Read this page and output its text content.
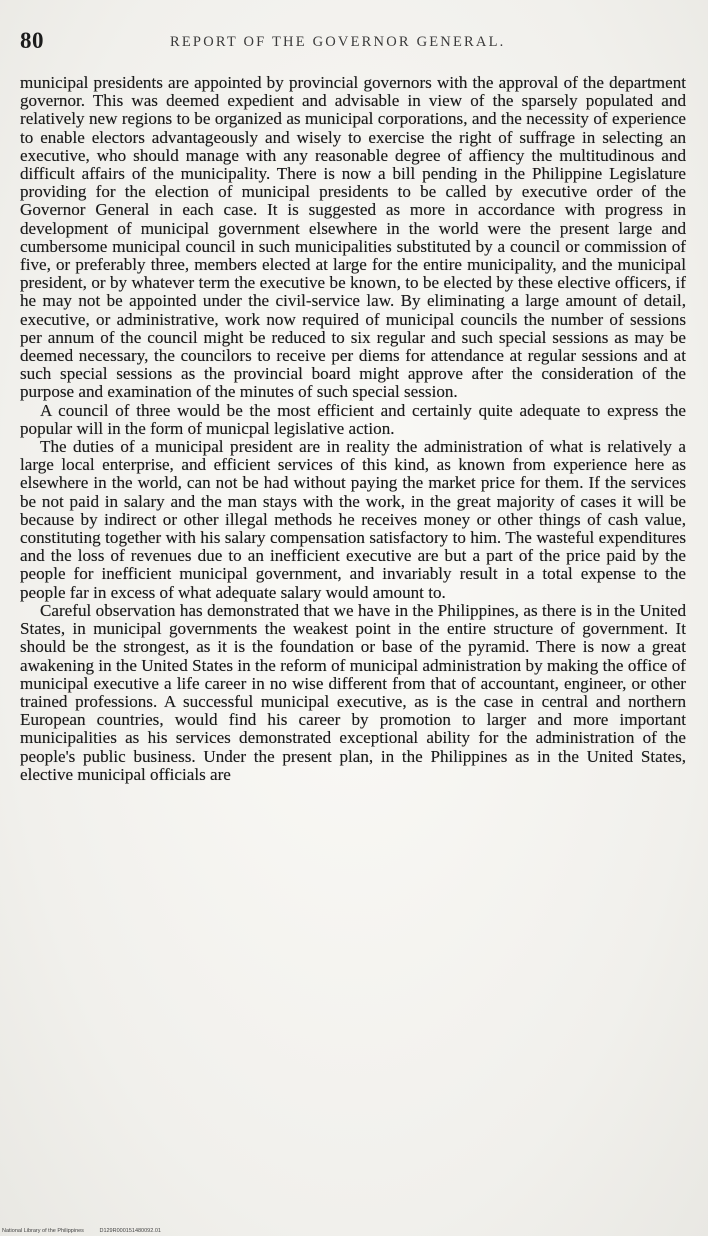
80	REPORT OF THE GOVERNOR GENERAL.

municipal presidents are appointed by provincial governors with the approval of the department governor. This was deemed expedient and advisable in view of the sparsely populated and relatively new regions to be organized as municipal corporations, and the necessity of experience to enable electors advantageously and wisely to exercise the right of suffrage in selecting an executive, who should manage with any reasonable degree of affiency the multitudinous and difficult affairs of the municipality. There is now a bill pending in the Philippine Legislature providing for the election of municipal presidents to be called by executive order of the Governor General in each case. It is suggested as more in accordance with progress in development of municipal government elsewhere in the world were the present large and cumbersome municipal council in such municipalities substituted by a council or commission of five, or preferably three, members elected at large for the entire municipality, and the municipal president, or by whatever term the executive be known, to be elected by these elective officers, if he may not be appointed under the civil-service law. By eliminating a large amount of detail, executive, or administrative, work now required of municipal councils the number of sessions per annum of the council might be reduced to six regular and such special sessions as may be deemed necessary, the councilors to receive per diems for attendance at regular sessions and at such special sessions as the provincial board might approve after the consideration of the purpose and examination of the minutes of such special session.

A council of three would be the most efficient and certainly quite adequate to express the popular will in the form of municpal legislative action.

The duties of a municipal president are in reality the administration of what is relatively a large local enterprise, and efficient services of this kind, as known from experience here as elsewhere in the world, can not be had without paying the market price for them. If the services be not paid in salary and the man stays with the work, in the great majority of cases it will be because by indirect or other illegal methods he receives money or other things of cash value, constituting together with his salary compensation satisfactory to him. The wasteful expenditures and the loss of revenues due to an inefficient executive are but a part of the price paid by the people for inefficient municipal government, and invariably result in a total expense to the people far in excess of what adequate salary would amount to.

Careful observation has demonstrated that we have in the Philippines, as there is in the United States, in municipal governments the weakest point in the entire structure of government. It should be the strongest, as it is the foundation or base of the pyramid. There is now a great awakening in the United States in the reform of municipal administration by making the office of municipal executive a life career in no wise different from that of accountant, engineer, or other trained professions. A successful municipal executive, as is the case in central and northern European countries, would find his career by promotion to larger and more important municipalities as his services demonstrated exceptional ability for the administration of the people's public business. Under the present plan, in the Philippines as in the United States, elective municipal officials are

National Library of the Philippines	D129R000151480092.01
